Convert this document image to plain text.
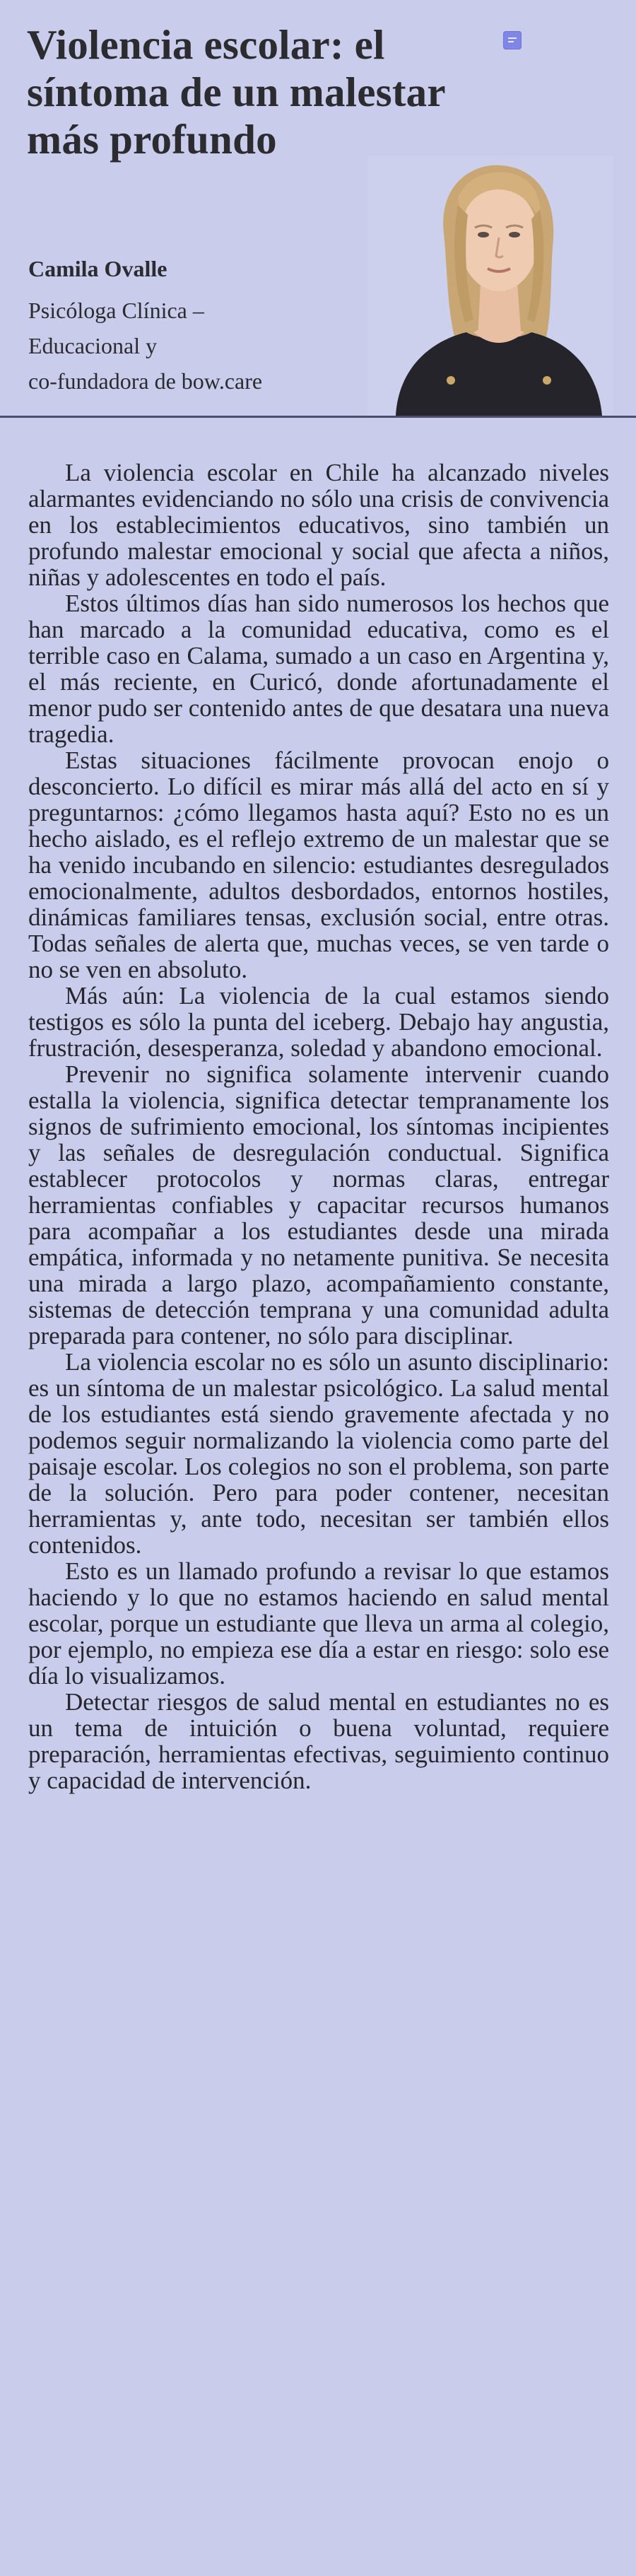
Violencia escolar: el síntoma de un malestar más profundo

Camila Ovalle

Psicóloga Clínica –
Educacional y
co-fundadora de bow.care

La violencia escolar en Chile ha alcanzado niveles alarmantes evidenciando no sólo una crisis de convivencia en los establecimientos educativos, sino también un profundo malestar emocional y social que afecta a niños, niñas y adolescentes en todo el país.

Estos últimos días han sido numerosos los hechos que han marcado a la comunidad educativa, como es el terrible caso en Calama, sumado a un caso en Argentina y, el más reciente, en Curicó, donde afortunadamente el menor pudo ser contenido antes de que desatara una nueva tragedia.

Estas situaciones fácilmente provocan enojo o desconcierto. Lo difícil es mirar más allá del acto en sí y preguntarnos: ¿cómo llegamos hasta aquí? Esto no es un hecho aislado, es el reflejo extremo de un malestar que se ha venido incubando en silencio: estudiantes desregulados emocionalmente, adultos desbordados, entornos hostiles, dinámicas familiares tensas, exclusión social, entre otras. Todas señales de alerta que, muchas veces, se ven tarde o no se ven en absoluto.

Más aún: La violencia de la cual estamos siendo testigos es sólo la punta del iceberg. Debajo hay angustia, frustración, desesperanza, soledad y abandono emocional.

Prevenir no significa solamente intervenir cuando estalla la violencia, significa detectar tempranamente los signos de sufrimiento emocional, los síntomas incipientes y las señales de desregulación conductual. Significa establecer protocolos y normas claras, entregar herramientas confiables y capacitar recursos humanos para acompañar a los estudiantes desde una mirada empática, informada y no netamente punitiva. Se necesita una mirada a largo plazo, acompañamiento constante, sistemas de detección temprana y una comunidad adulta preparada para contener, no sólo para disciplinar.

La violencia escolar no es sólo un asunto disciplinario: es un síntoma de un malestar psicológico. La salud mental de los estudiantes está siendo gravemente afectada y no podemos seguir normalizando la violencia como parte del paisaje escolar. Los colegios no son el problema, son parte de la solución. Pero para poder contener, necesitan herramientas y, ante todo, necesitan ser también ellos contenidos.

Esto es un llamado profundo a revisar lo que estamos haciendo y lo que no estamos haciendo en salud mental escolar, porque un estudiante que lleva un arma al colegio, por ejemplo, no empieza ese día a estar en riesgo: solo ese día lo visualizamos.

Detectar riesgos de salud mental en estudiantes no es un tema de intuición o buena voluntad, requiere preparación, herramientas efectivas, seguimiento continuo y capacidad de intervención.
